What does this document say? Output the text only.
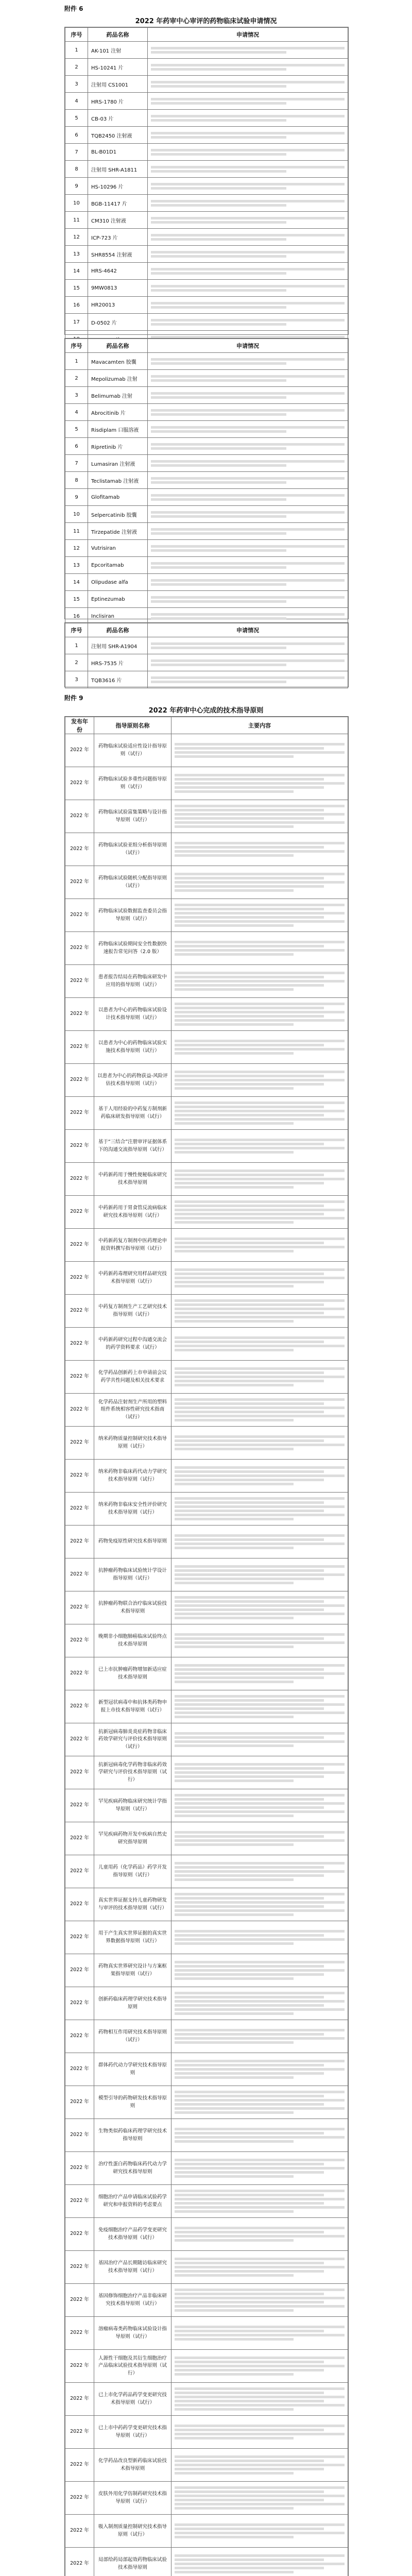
附件 6
2022 年药审中心审评的药物临床试验申请情况
序号	药品名称	申请情况
1	AK-101 注射	

2	HS-10241 片	

3	注射用 CS1001	

4	HRS-1780 片	

5	CB-03 片	

6	TQB2450 注射液	

7	BL-B01D1	

8	注射用 SHR-A1811	

9	HS-10296 片	

10	BGB-11417 片	

11	CM310 注射液	

12	ICP-723 片	

13	SHR8554 注射液	

14	HRS-4642	

15	9MW0813	

16	HR20013	

17	D-0502 片	

序号	药品名称	申请情况
1	Mavacamten 胶囊	

2	Mepolizumab 注射	

3	Belimumab 注射	

4	Abrocitinib 片	

5	Risdiplam 口服溶液	

6	Ripretinib 片	

7	Lumasiran 注射液	

8	Teclistamab 注射液	

9	Glofitamab	

10	Selpercatinib 胶囊	

11	Tirzepatide 注射液	

12	Vutrisiran	

13	Epcoritamab	

14	Olipudase alfa	

15	Eptinezumab	

16	Inclisiran	
序号	药品名称	申请情况
1	注射用 SHR-A1904	

2	HRS-7535 片	

3	TQB3616 片	
附件 9
2022 年药审中心完成的技术指导原则
发布年份	指导原则名称	主要内容
2022 年	药物临床试验适应性设计指导原则（试行）	

2022 年	药物临床试验多重性问题指导原则（试行）	

2022 年	药物临床试验富集策略与设计指导原则（试行）	

2022 年	药物临床试验亚组分析指导原则（试行）	

2022 年	药物临床试验随机分配指导原则（试行）	

2022 年	药物临床试验数据监查委员会指导原则（试行）	

2022 年	药物临床试验期间安全性数据快速报告常见问答（2.0 版）	

2022 年	患者报告结局在药物临床研发中应用的指导原则（试行）	

2022 年	以患者为中心的药物临床试验设计技术指导原则（试行）	

2022 年	以患者为中心的药物临床试验实施技术指导原则（试行）	

2022 年	以患者为中心的药物获益-风险评估技术指导原则（试行）	

2022 年	基于人用经验的中药复方制剂新药临床研发指导原则（试行）	

2022 年	基于“三结合”注册审评证据体系下的沟通交流指导原则（试行）	

2022 年	中药新药用于慢性便秘临床研究技术指导原则	

2022 年	中药新药用于胃食管反流病临床研究技术指导原则（试行）	

2022 年	中药新药复方制剂中医药理论申报资料撰写指导原则（试行）	

2022 年	中药新药毒理研究用样品研究技术指导原则（试行）	

2022 年	中药复方制剂生产工艺研究技术指导原则（试行）	

2022 年	中药新药研究过程中沟通交流会的药学资料要求（试行）	

2022 年	化学药品创新药上市申请前会议药学共性问题及相关技术要求	

2022 年	化学药品注射剂生产所用的塑料组件系统相容性研究技术指南（试行）	

2022 年	纳米药物质量控制研究技术指导原则（试行）	

2022 年	纳米药物非临床药代动力学研究技术指导原则（试行）	

2022 年	纳米药物非临床安全性评价研究技术指导原则（试行）	

2022 年	药物免疫原性研究技术指导原则	

2022 年	抗肿瘤药物临床试验统计学设计指导原则（试行）	

2022 年	抗肿瘤药物联合治疗临床试验技术指导原则	

2022 年	晚期非小细胞肺癌临床试验终点技术指导原则	

2022 年	已上市抗肿瘤药物增加新适应症技术指导原则	

2022 年	新型冠状病毒中和抗体类药物申报上市技术指导原则（试行）	

2022 年	抗新冠病毒肺炎炎症药物非临床药效学研究与评价技术指导原则（试行）	

2022 年	抗新冠病毒化学药物非临床药效学研究与评价技术指导原则（试行）	

2022 年	罕见疾病药物临床研究统计学指导原则（试行）	

2022 年	罕见疾病药物开发中疾病自然史研究指导原则	

2022 年	儿童用药（化学药品）药学开发指导原则（试行）	

2022 年	真实世界证据支持儿童药物研发与审评的技术指导原则（试行）	

2022 年	用于产生真实世界证据的真实世界数据指导原则（试行）	

2022 年	药物真实世界研究设计与方案框架指导原则（试行）	

2022 年	创新药临床药理学研究技术指导原则	

2022 年	药物相互作用研究技术指导原则（试行）	

2022 年	群体药代动力学研究技术指导原则	

2022 年	模型引导的药物研发技术指导原则	

2022 年	生物类似药临床药理学研究技术指导原则	

2022 年	治疗性蛋白药物临床药代动力学研究技术指导原则	

2022 年	细胞治疗产品申请临床试验药学研究和申报资料的考虑要点	

2022 年	免疫细胞治疗产品药学变更研究技术指导原则（试行）	

2022 年	基因治疗产品长期随访临床研究技术指导原则（试行）	

2022 年	基因修饰细胞治疗产品非临床研究技术指导原则（试行）	

2022 年	溶瘤病毒类药物临床试验设计指导原则（试行）	

2022 年	人源性干细胞及其衍生细胞治疗产品临床试验技术指导原则（试行）	

2022 年	已上市化学药品药学变更研究技术指导原则（试行）	

2022 年	已上市中药药学变更研究技术指导原则（试行）	

2022 年	化学药品改良型新药临床试验技术指导原则	

2022 年	皮肤外用化学仿制药研究技术指导原则（试行）	

2022 年	吸入制剂质量控制研究技术指导原则（试行）	

2022 年	局部给药局部起效药物临床试验技术指导原则	
